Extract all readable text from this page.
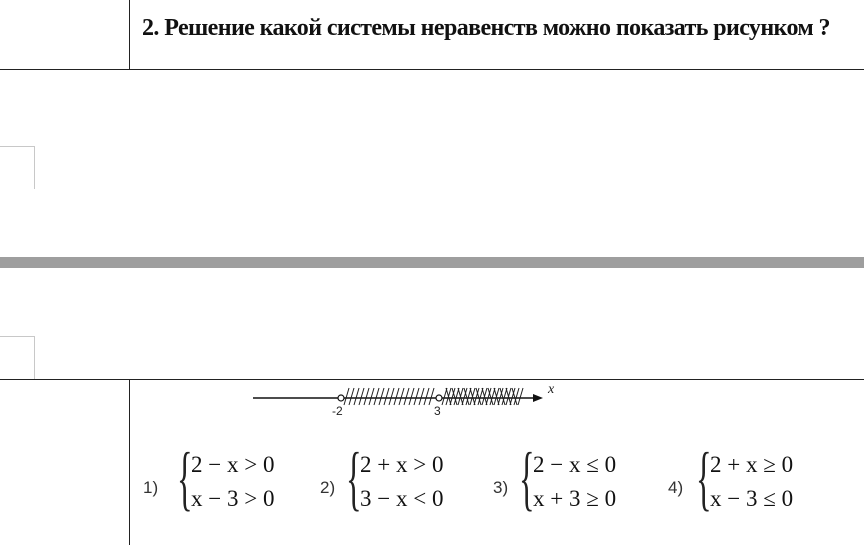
2. Решение какой системы неравенств можно показать рисунком ?
x
-2	3
1) {
2 − x > 0
x − 3 > 0	2) {
2 + x > 0
3 − x < 0	3) {
2 − x ≤ 0
x + 3 ≥ 0	4) {
2 + x ≥ 0
x − 3 ≤ 0
